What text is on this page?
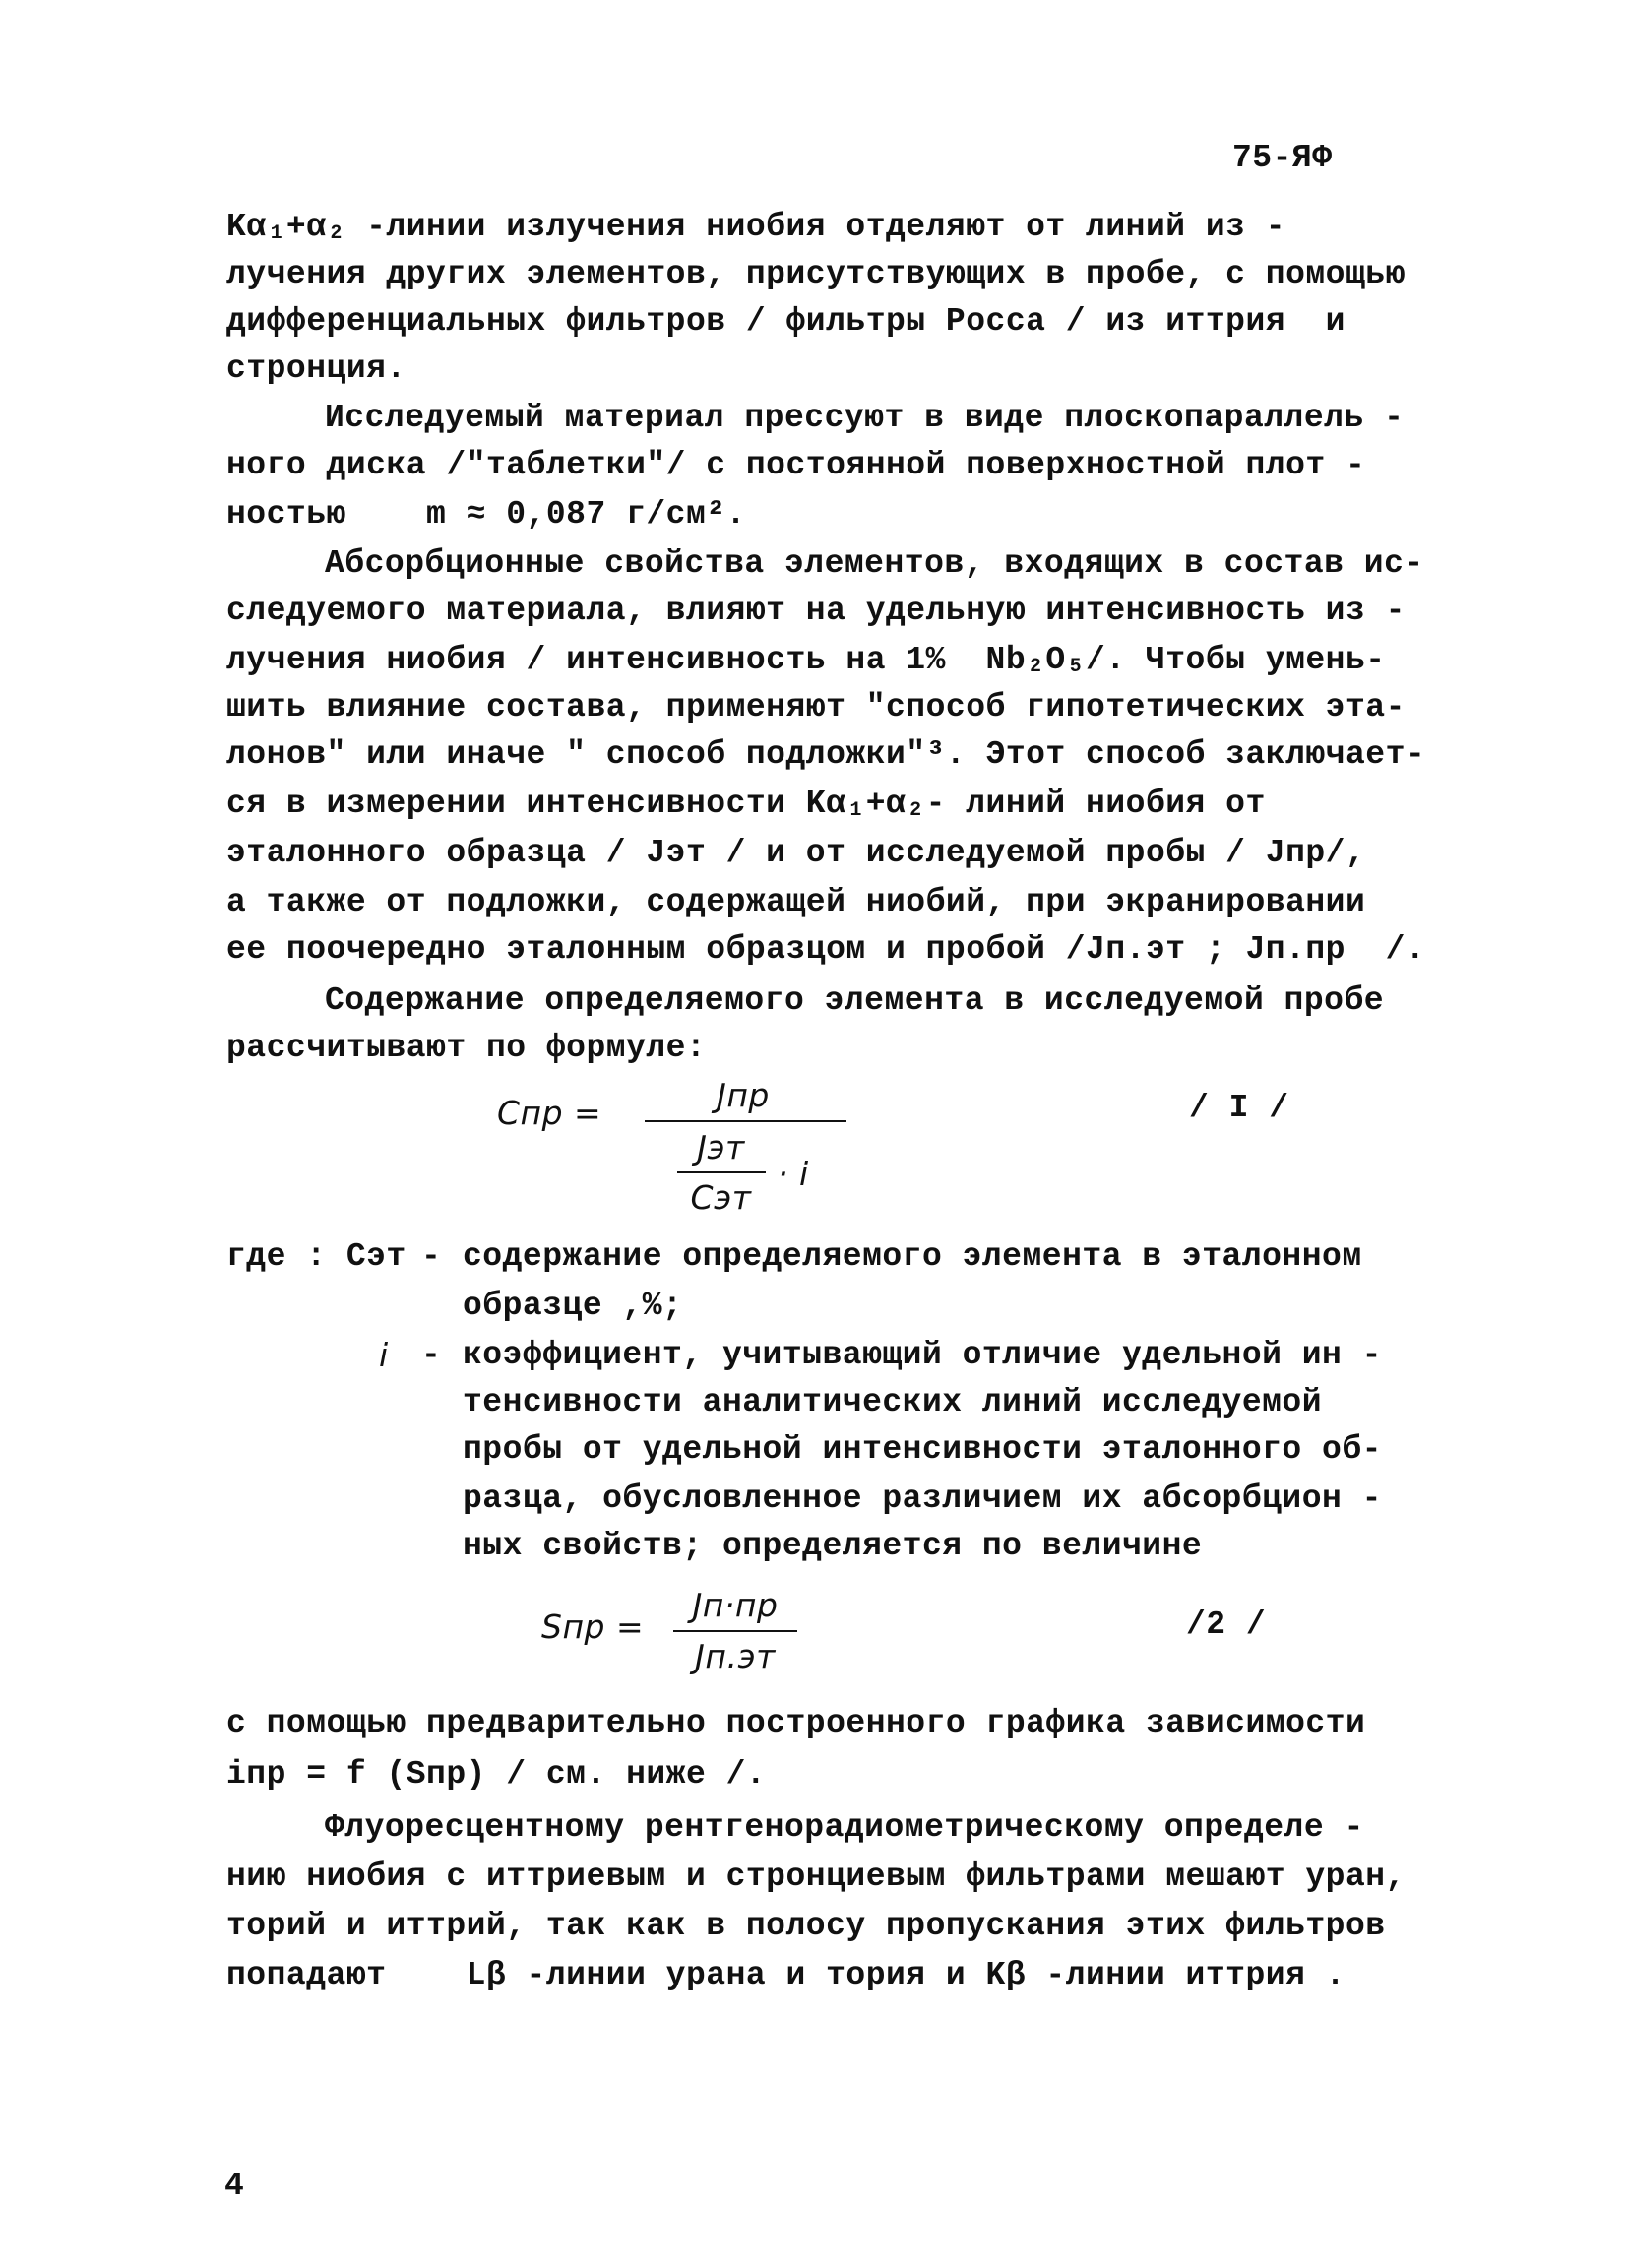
75-ЯФ
Kα₁+α₂ -линии излучения ниобия отделяют от линий из -
лучения других элементов, присутствующих в пробе, с помощью
дифференциальных фильтров / фильтры Росса / из иттрия  и
стронция.
Исследуемый материал прессуют в виде плоскопараллель -
ного диска /"таблетки"/ с постоянной поверхностной плот -
ностью    m ≈ 0,087 г/см².
Абсорбционные свойства элементов, входящих в состав ис-
следуемого материала, влияют на удельную интенсивность из -
лучения ниобия / интенсивность на 1%  Nb₂O₅/. Чтобы умень-
шить влияние состава, применяют "способ гипотетических эта-
лонов" или иначе " способ подложки"³. Этот способ заключает-
ся в измерении интенсивности Kα₁+α₂- линий ниобия от
эталонного образца / Jэт / и от исследуемой пробы / Jпр/,
а также от подложки, содержащей ниобий, при экранировании
ее поочередно эталонным образцом и пробой /Jп.эт ; Jп.пр  /.
Содержание определяемого элемента в исследуемой пробе
рассчитывают по формуле:
Cпр =	Jпр
Jэт
Cэт
· i
/ I /
где : Cэт - содержание определяемого элемента в эталонном
образце ,%;
i - коэффициент, учитывающий отличие удельной ин -
тенсивности аналитических линий исследуемой
пробы от удельной интенсивности эталонного об-
разца, обусловленное различием их абсорбцион -
ных свойств; определяется по величине
Sпр =
Jп·пр
Jп.эт
/2 /
с помощью предварительно построенного графика зависимости
iпр = f (Sпр) / см. ниже /.
Флуоресцентному рентгенорадиометрическому определе -
нию ниобия с иттриевым и стронциевым фильтрами мешают уран,
торий и иттрий, так как в полосу пропускания этих фильтров
попадают    Lβ -линии урана и тория и Kβ -линии иттрия .
4
